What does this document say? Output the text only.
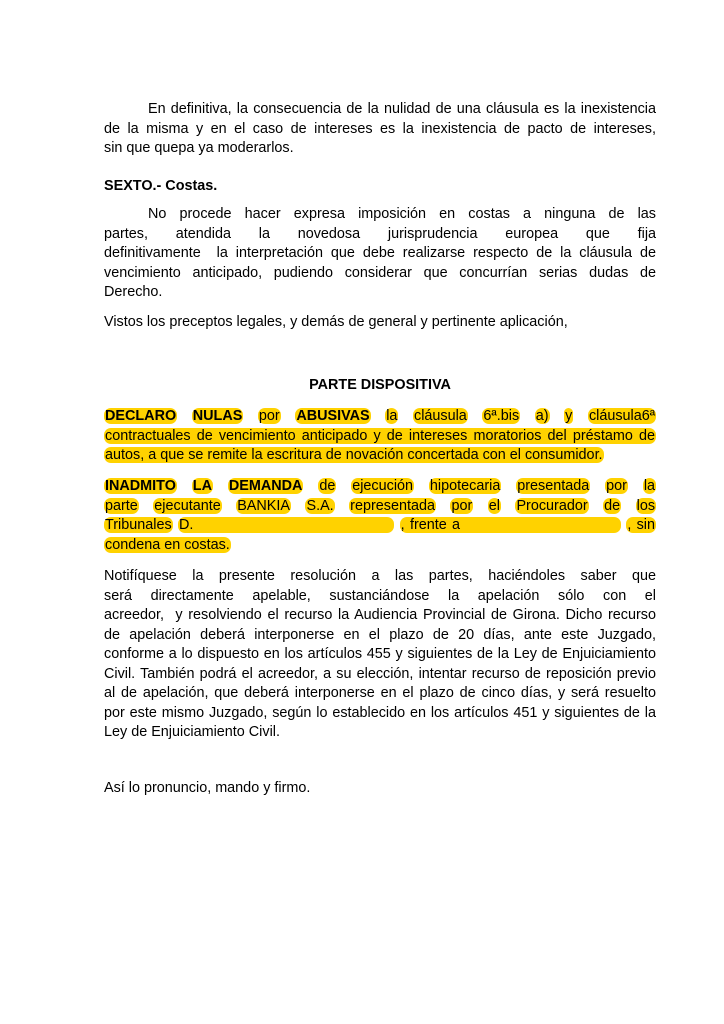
En definitiva, la consecuencia de la nulidad de una cláusula es la inexistencia
de la misma y en el caso de intereses es la inexistencia de pacto de intereses,
sin que quepa ya moderarlos.
SEXTO.- Costas.
No procede hacer expresa imposición en costas a ninguna de las
partes, atendida la novedosa jurisprudencia europea que fija
definitivamente  la interpretación que debe realizarse respecto de la cláusula de
vencimiento anticipado, pudiendo considerar que concurrían serias dudas de
Derecho.
Vistos los preceptos legales, y demás de general y pertinente aplicación,
PARTE DISPOSITIVA
DECLARO NULAS por ABUSIVAS la cláusula 6ª.bis a) y cláusula6ª
contractuales de vencimiento anticipado y de intereses moratorios del préstamo de
autos, a que se remite la escritura de novación concertada con el consumidor.
INADMITO LA DEMANDA de ejecución hipotecaria presentada por la
parte ejecutante BANKIA S.A. representada por el Procurador de los
Tribunales D.	, frente a	, sin
condena en costas.
Notifíquese la presente resolución a las partes, haciéndoles saber que
será directamente apelable, sustanciándose la apelación sólo con el
acreedor,  y resolviendo el recurso la Audiencia Provincial de Girona. Dicho recurso
de apelación deberá interponerse en el plazo de 20 días, ante este Juzgado,
conforme a lo dispuesto en los artículos 455 y siguientes de la Ley de Enjuiciamiento
Civil. También podrá el acreedor, a su elección, intentar recurso de reposición previo
al de apelación, que deberá interponerse en el plazo de cinco días, y será resuelto
por este mismo Juzgado, según lo establecido en los artículos 451 y siguientes de la
Ley de Enjuiciamiento Civil.
Así lo pronuncio, mando y firmo.
